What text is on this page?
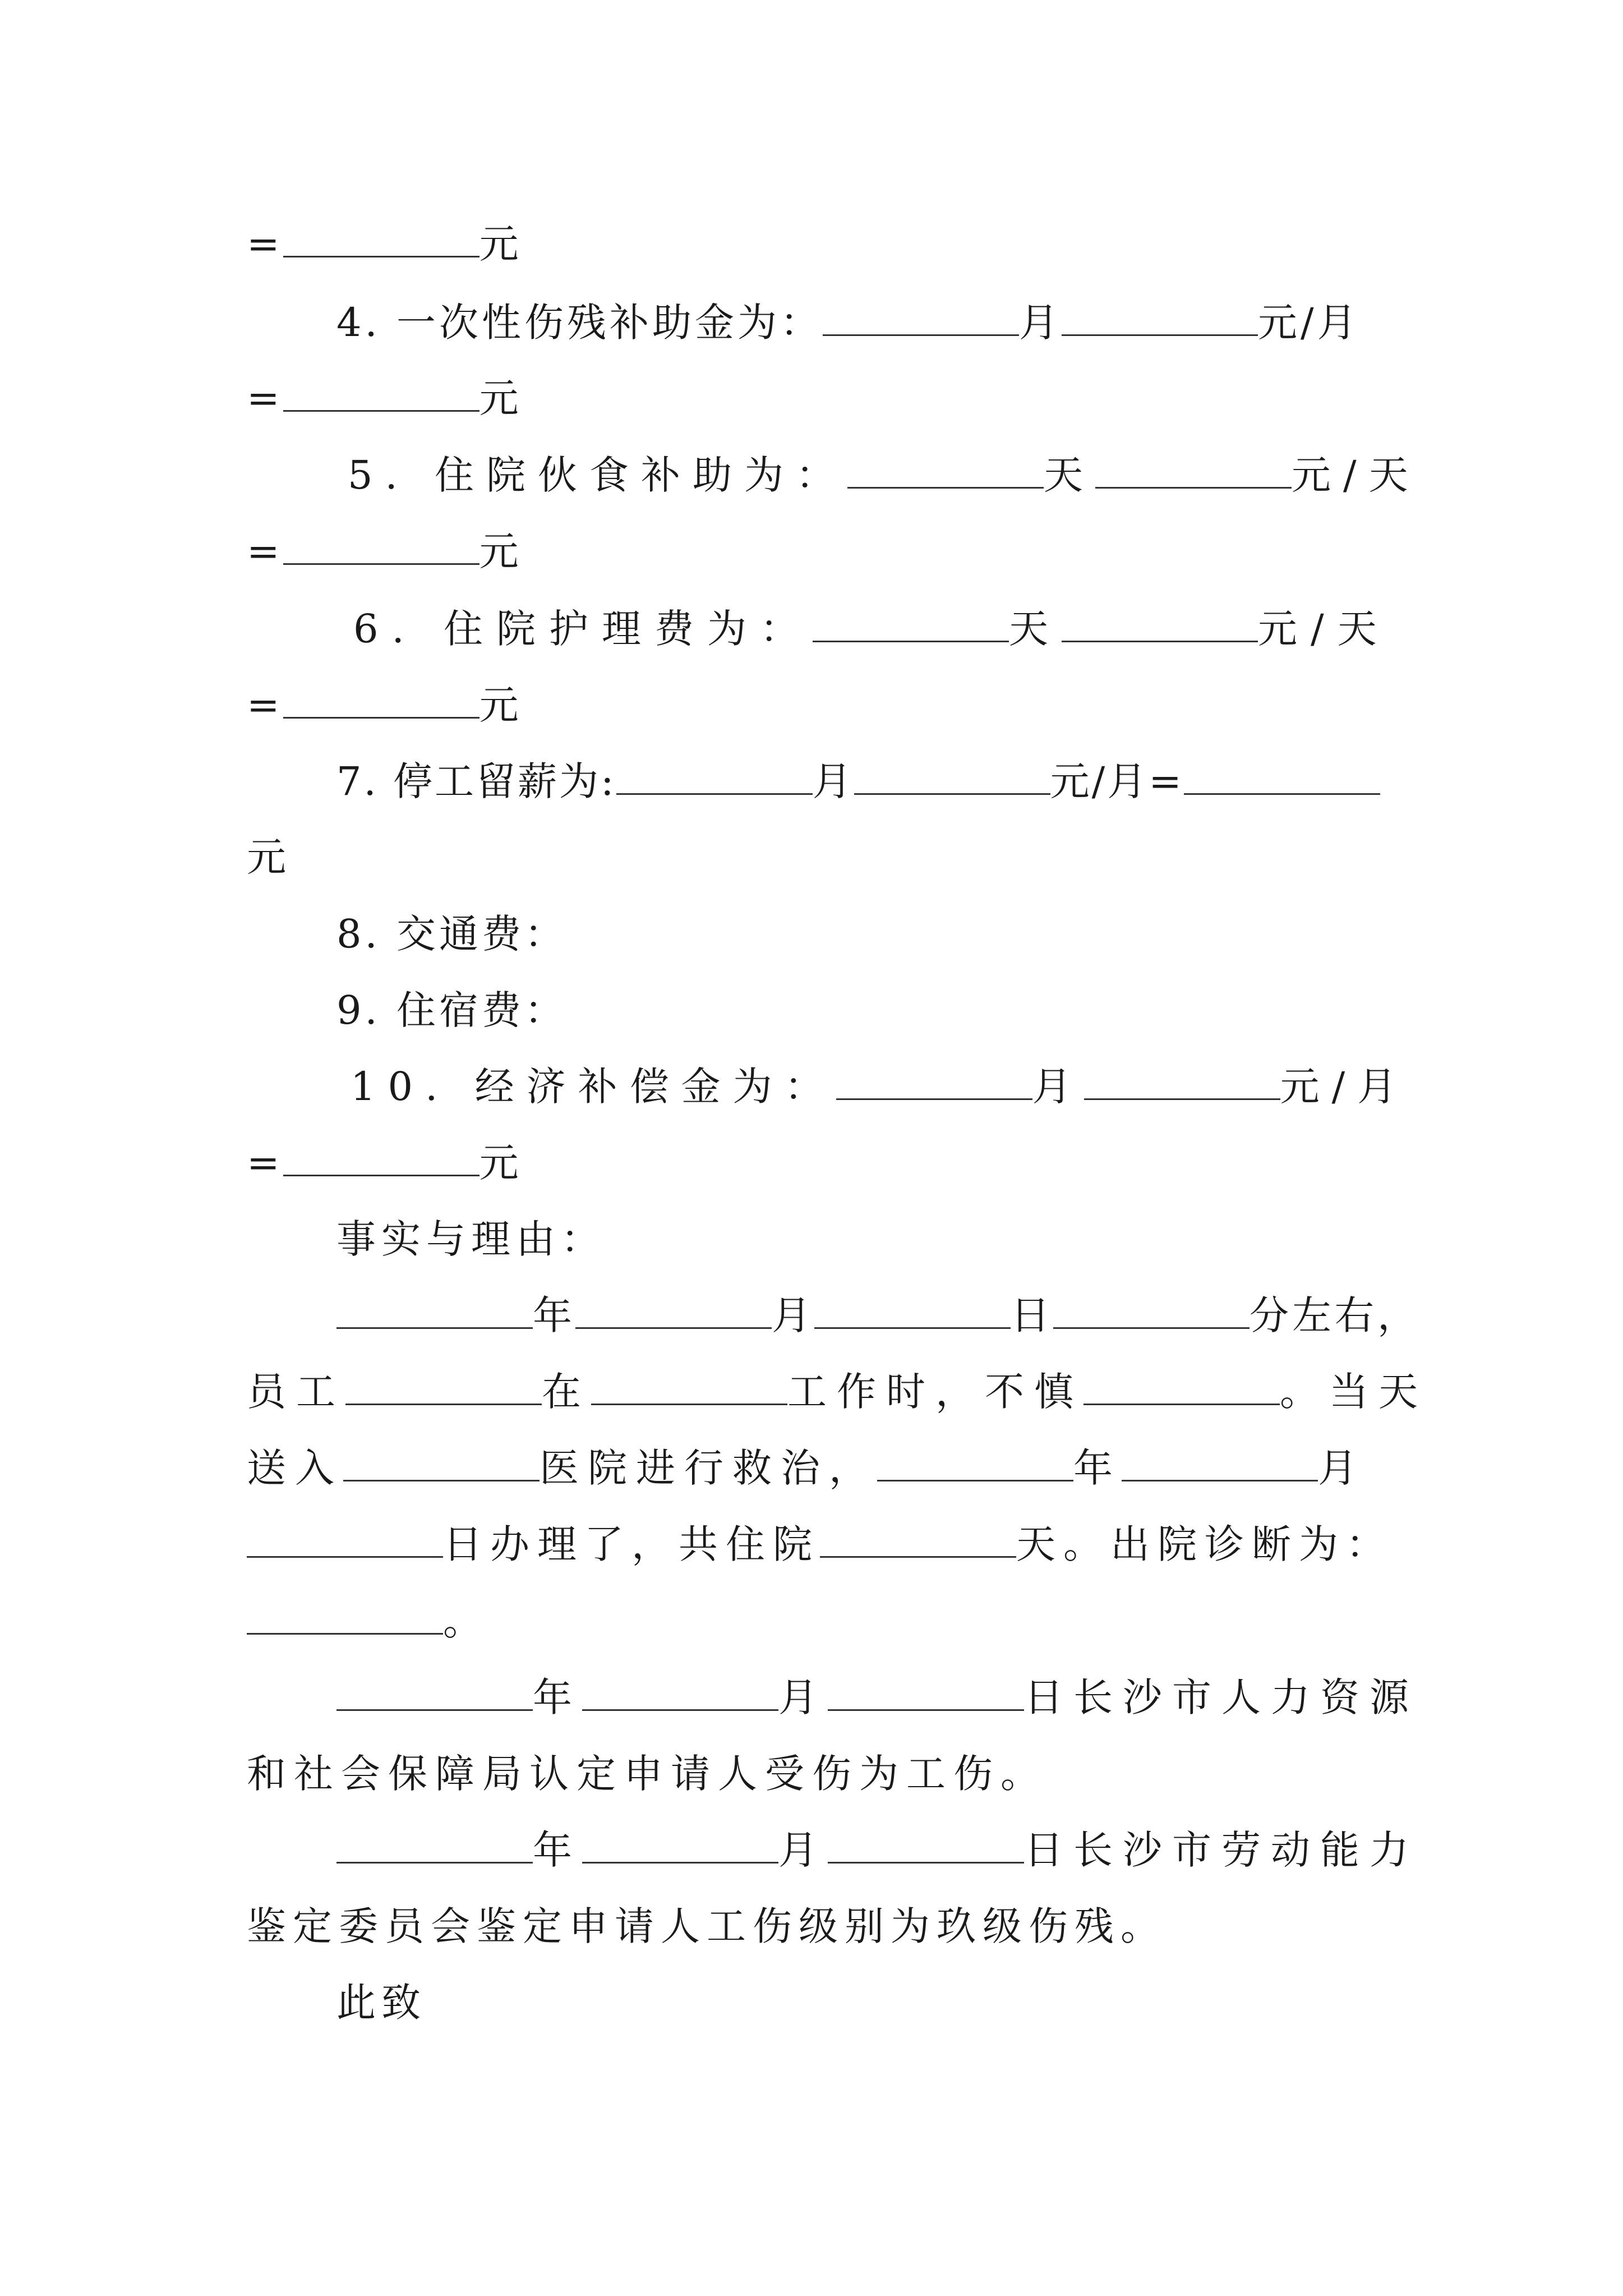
=	元
4. 一次性伤残补助金为：	月	元/月
=	元
5. 住院伙食补助为：	天	元/天
=	元
6. 住院护理费为：	天	元/天
=	元
7. 停工留薪为:	月	元/月=
元
8. 交通费：
9. 住宿费：
10. 经济补偿金为：	月	元/月
=	元
事实与理由：
年	月	日	分左右，
员工	在	工作时，不慎	。当天
送入	医院进行救治，	年	月
日办理了，共住院	天。出院诊断为：
。
年	月	日长沙市人力资源
和社会保障局认定申请人受伤为工伤。
年	月	日长沙市劳动能力
鉴定委员会鉴定申请人工伤级别为玖级伤残。
此致
